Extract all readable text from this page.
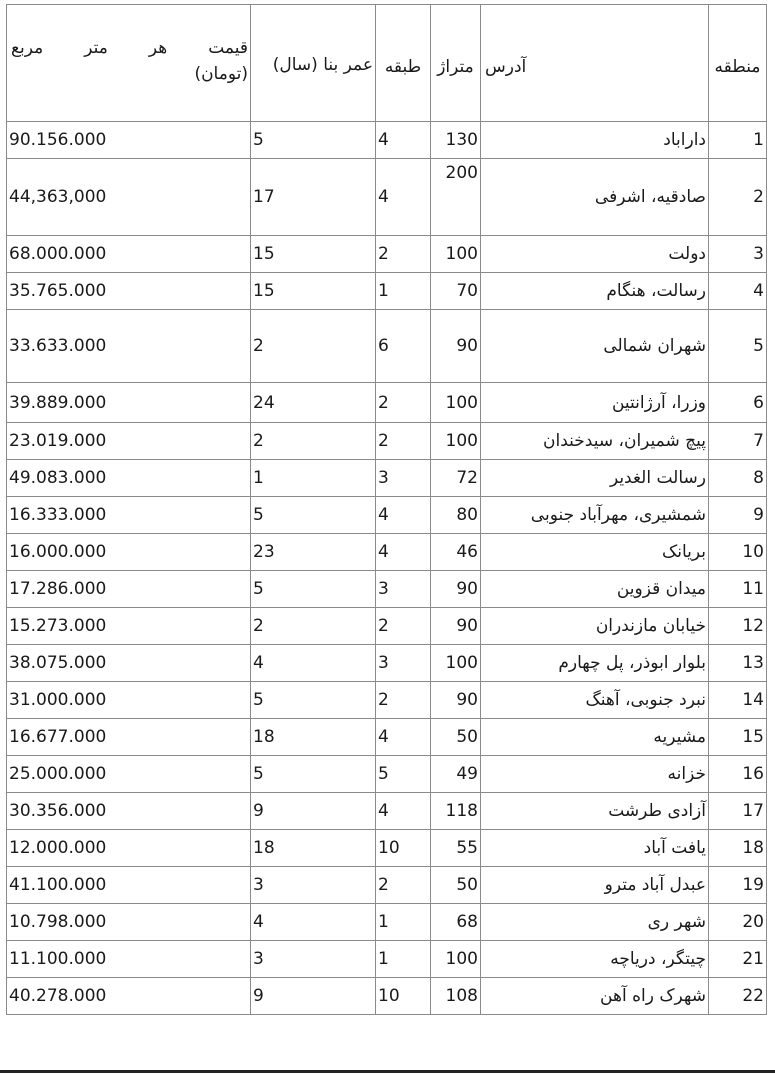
منطقه	آدرس	متراژ	طبقه	عمر بنا (سال)	قیمت هر متر مربع
(تومان)

1	داراباد	130	4	5	90.156.000
2	صادقیه، اشرفی	200	4	17	44,363,000
3	دولت	100	2	15	68.000.000
4	رسالت، هنگام	70	1	15	35.765.000
5	شهران شمالی	90	6	2	33.633.000
6	وزرا، آرژانتین	100	2	24	39.889.000
7	پیچ شمیران، سیدخندان	100	2	2	23.019.000
8	رسالت الغدیر	72	3	1	49.083.000
9	شمشیری، مهرآباد جنوبی	80	4	5	16.333.000
10	بریانک	46	4	23	16.000.000
11	میدان قزوین	90	3	5	17.286.000
12	خیابان مازندران	90	2	2	15.273.000
13	بلوار ابوذر، پل چهارم	100	3	4	38.075.000
14	نبرد جنوبی، آهنگ	90	2	5	31.000.000
15	مشیریه	50	4	18	16.677.000
16	خزانه	49	5	5	25.000.000
17	آزادی طرشت	118	4	9	30.356.000
18	یافت آباد	55	10	18	12.000.000
19	عبدل آباد مترو	50	2	3	41.100.000
20	شهر ری	68	1	4	10.798.000
21	چیتگر، دریاچه	100	1	3	11.100.000
22	شهرک راه آهن	108	10	9	40.278.000
